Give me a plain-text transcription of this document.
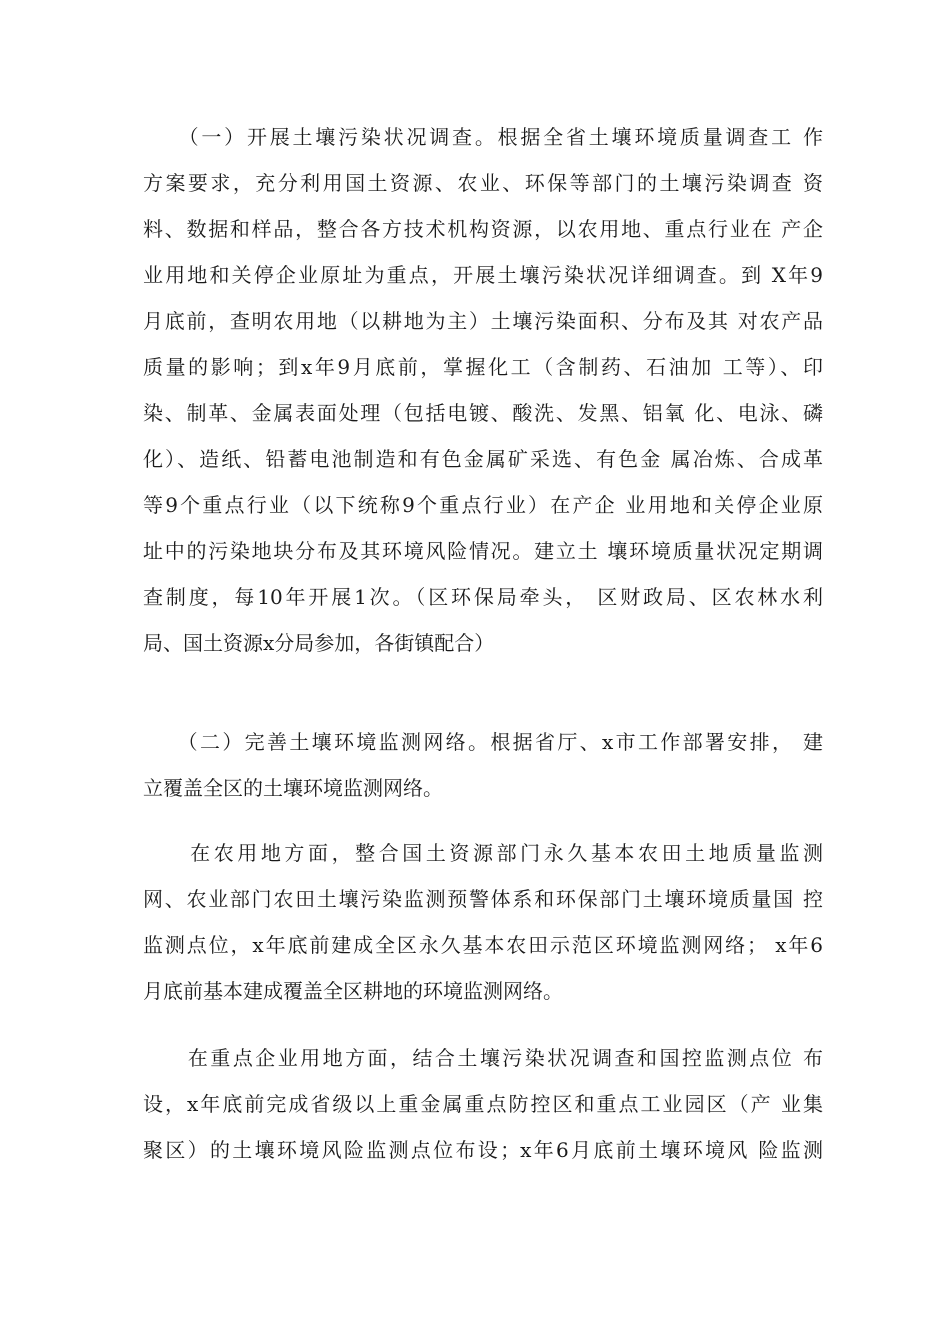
　　（一）开展土壤污染状况调查。根据全省土壤环境质量调查工 作
方案要求，充分利用国土资源、农业、环保等部门的土壤污染调查 资
料、数据和样品，整合各方技术机构资源，以农用地、重点行业在 产企
业用地和关停企业原址为重点，开展土壤污染状况详细调查。到 X年9
月底前，查明农用地（以耕地为主）土壤污染面积、分布及其 对农产品
质量的影响；到x年9月底前，掌握化工（含制药、石油加 工等）、印
染、制革、金属表面处理（包括电镀、酸洗、发黑、铝氧 化、电泳、磷
化）、造纸、铅蓄电池制造和有色金属矿采选、有色金 属冶炼、合成革
等9个重点行业（以下统称9个重点行业）在产企 业用地和关停企业原
址中的污染地块分布及其环境风险情况。建立土 壤环境质量状况定期调
查制度，每10年开展1次。（区环保局牵头， 区财政局、区农林水利
局、国土资源x分局参加，各街镇配合）
　　（二）完善土壤环境监测网络。根据省厅、x市工作部署安排， 建
立覆盖全区的土壤环境监测网络。
　　在农用地方面，整合国土资源部门永久基本农田土地质量监测
网、农业部门农田土壤污染监测预警体系和环保部门土壤环境质量国 控
监测点位，x年底前建成全区永久基本农田示范区环境监测网络； x年6
月底前基本建成覆盖全区耕地的环境监测网络。
　　在重点企业用地方面，结合土壤污染状况调查和国控监测点位 布
设，x年底前完成省级以上重金属重点防控区和重点工业园区（产 业集
聚区）的土壤环境风险监测点位布设；x年6月底前土壤环境风 险监测
